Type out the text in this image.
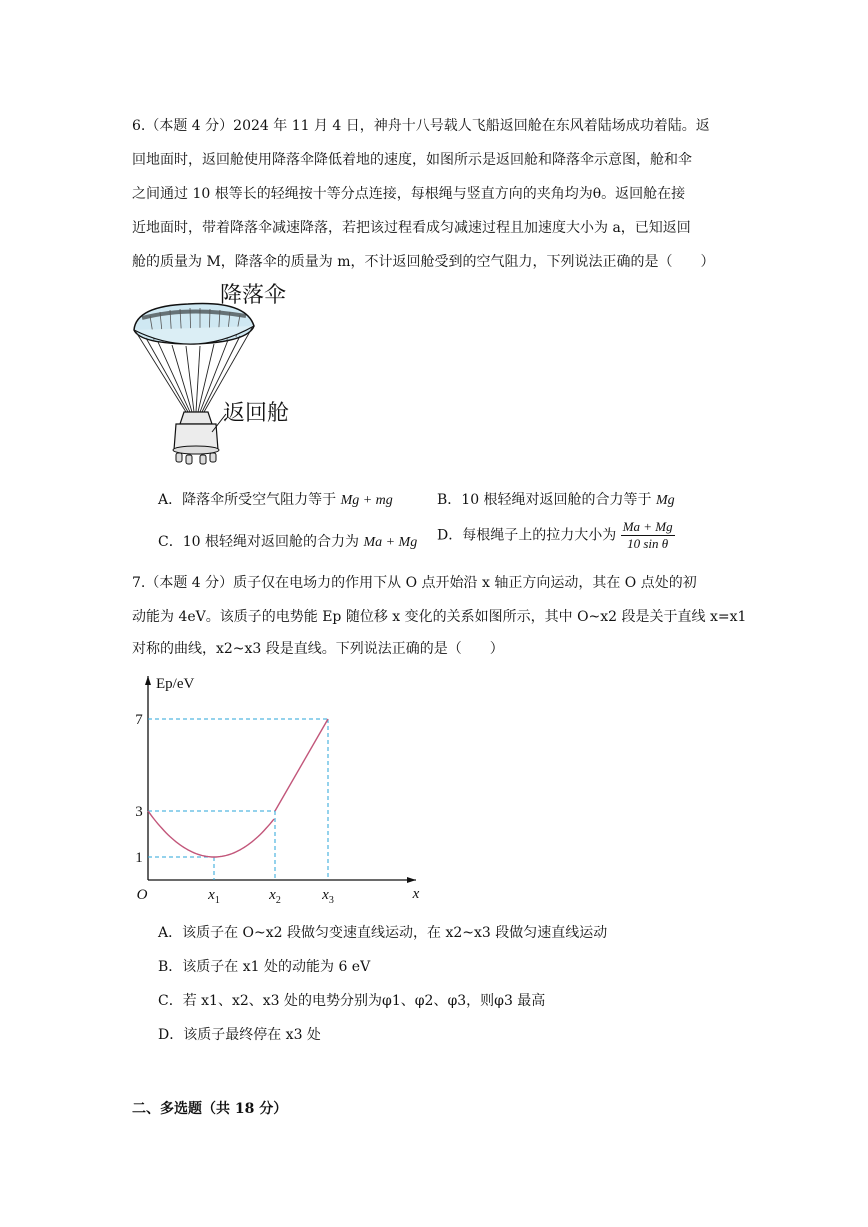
6.（本题 4 分）2024 年 11 月 4 日，神舟十八号载人飞船返回舱在东风着陆场成功着陆。返
回地面时，返回舱使用降落伞降低着地的速度，如图所示是返回舱和降落伞示意图，舱和伞
之间通过 10 根等长的轻绳按十等分点连接，每根绳与竖直方向的夹角均为θ。返回舱在接
近地面时，带着降落伞减速降落，若把该过程看成匀减速过程且加速度大小为 a，已知返回
舱的质量为 M，降落伞的质量为 m，不计返回舱受到的空气阻力，下列说法正确的是（　　）
降落伞
返回舱
A．降落伞所受空气阻力等于 Mg + mg	B．10 根轻绳对返回舱的合力等于 Mg
C．10 根轻绳对返回舱的合力为 Ma + Mg D．每根绳子上的拉力大小为 $\frac{Ma + Mg}{\text{10 sin θ}}$
7.（本题 4 分）质子仅在电场力的作用下从 O 点开始沿 x 轴正方向运动，其在 O 点处的初
动能为 4eV。该质子的电势能 Ep 随位移 x 变化的关系如图所示，其中 O~x2 段是关于直线 x=x1
对称的曲线，x2~x3 段是直线。下列说法正确的是（　　）
1
3
7
O	$x_1$	$x_2$	$x_3$	x
Ep/eV
A．该质子在 O~x2 段做匀变速直线运动，在 x2~x3 段做匀速直线运动
B．该质子在 x1 处的动能为 6 eV
C．若 x1、x2、x3 处的电势分别为φ1、φ2、φ3，则φ3 最高
D．该质子最终停在 x3 处
二、多选题（共 18 分）
